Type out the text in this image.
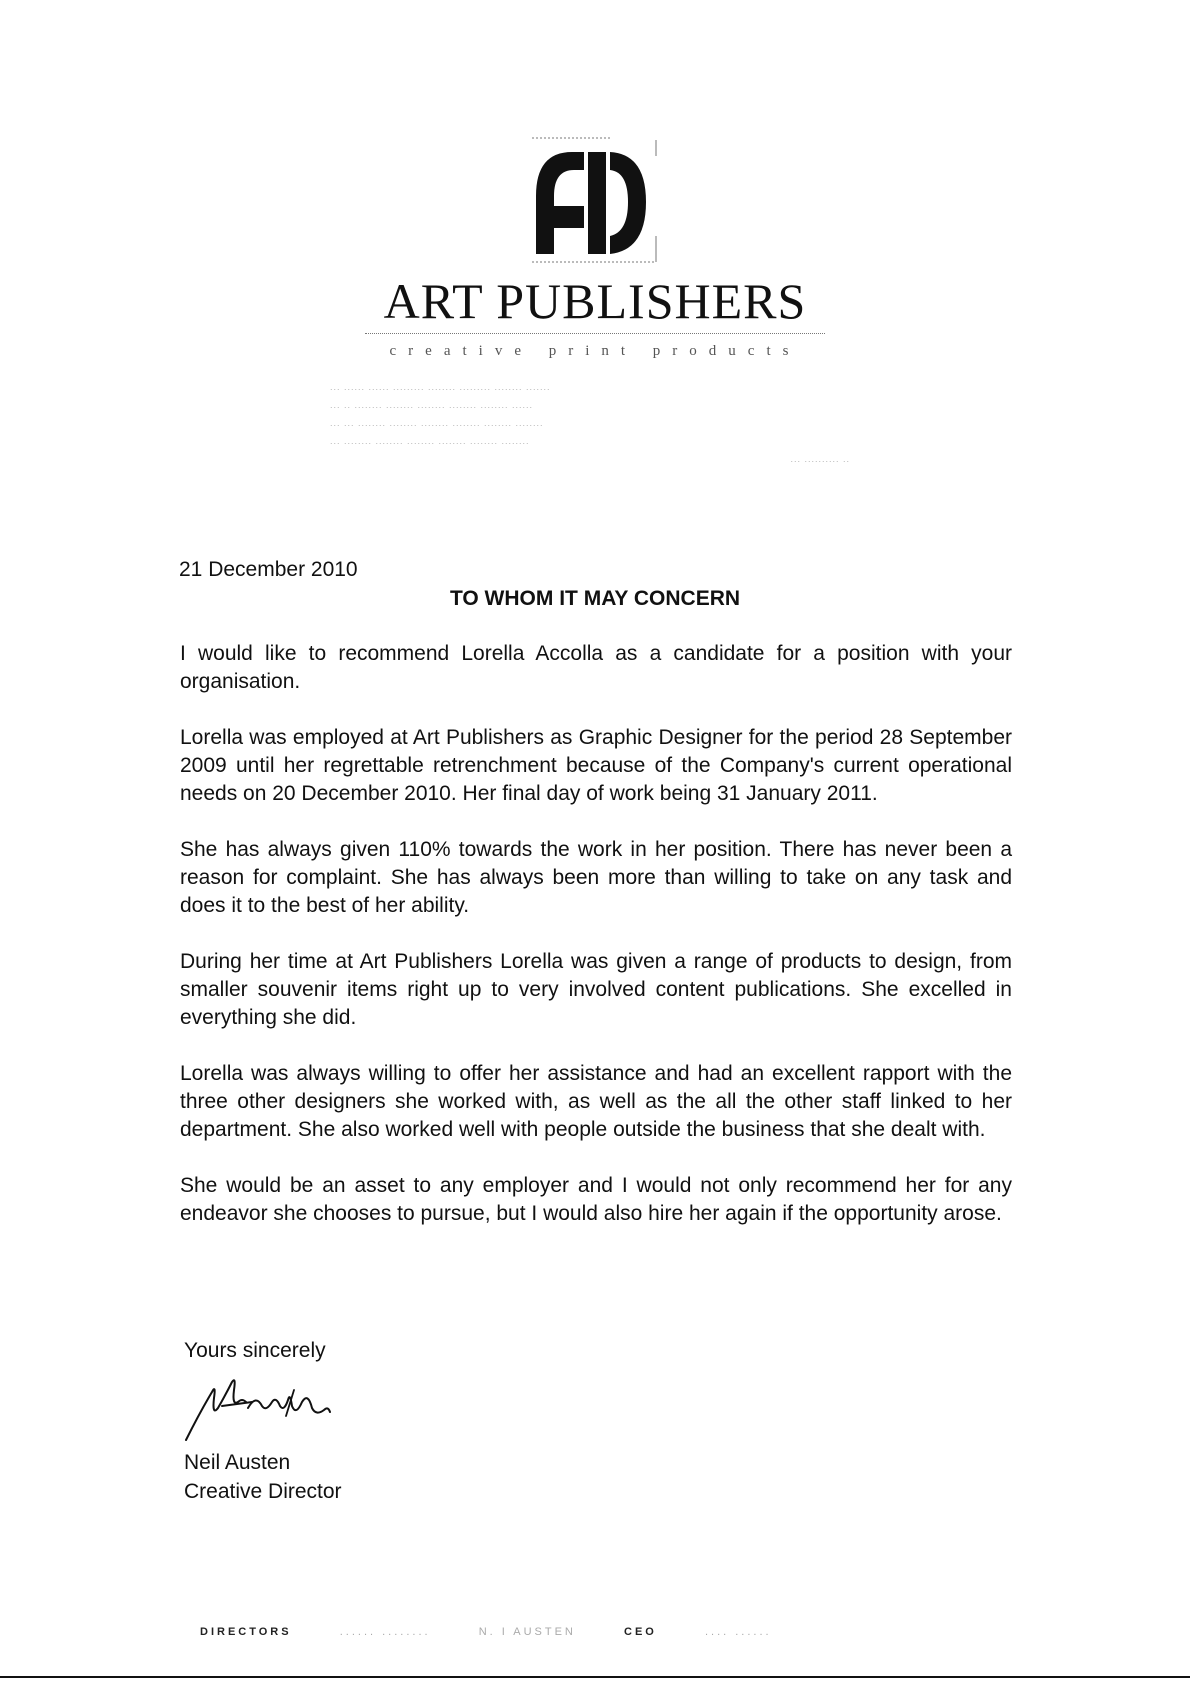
ART PUBLISHERS
creative print products
... ...... ...... ......... ........ ......... ........ .......
... .. ........ ........ ........ ........ ........ ......
... ... ........ ........ ........ ........ ........ ........
... ........ ........ ........ ........ ........ ........
... .......... ..
21 December 2010
TO WHOM IT MAY CONCERN

I would like to recommend Lorella Accolla as a candidate for a position with your organisation.

Lorella was employed at Art Publishers as Graphic Designer for the period 28 September 2009 until her regrettable retrenchment because of the Company's current operational needs on 20 December 2010. Her final day of work being 31 January 2011.

She has always given 110% towards the work in her position. There has never been a reason for complaint. She has always been more than willing to take on any task and does it to the best of her ability.

During her time at Art Publishers Lorella was given a range of products to design, from smaller souvenir items right up to very involved content publications. She excelled in everything she did.

Lorella was always willing to offer her assistance and had an excellent rapport with the three other designers she worked with, as well as the all the other staff linked to her department. She also worked well with people outside the business that she dealt with.

She would be an asset to any employer and I would not only recommend her for any endeavor she chooses to pursue, but I would also hire her again if the opportunity arose.

Yours sincerely
Neil Austen
Creative Director
DIRECTORS	...... ........	N. I AUSTEN	CEO	.... ......
